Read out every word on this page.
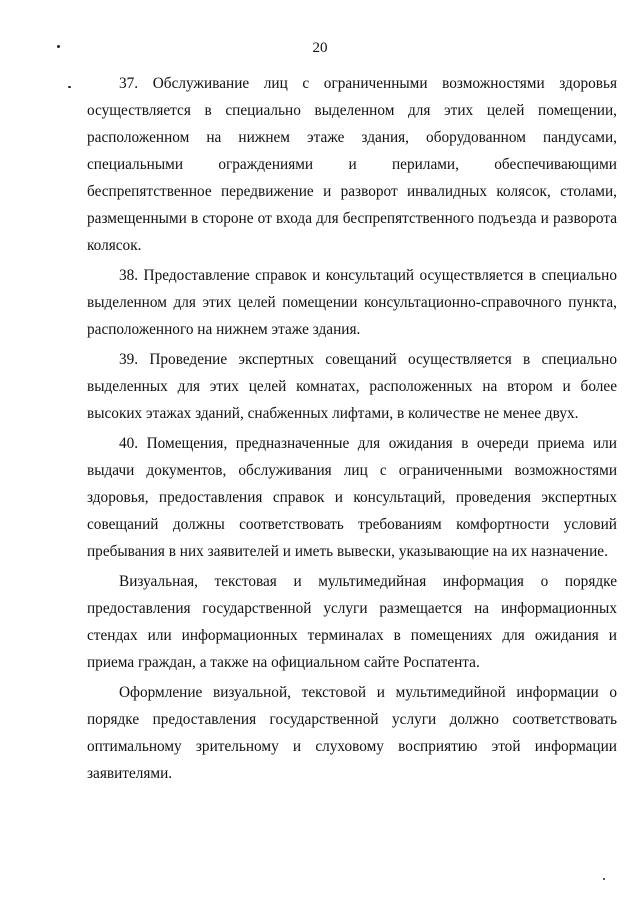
20

37. Обслуживание лиц с ограниченными возможностями здоровья осуществляется в специально выделенном для этих целей помещении, расположенном на нижнем этаже здания, оборудованном пандусами, специальными ограждениями и перилами, обеспечивающими беспрепятственное передвижение и разворот инвалидных колясок, столами, размещенными в стороне от входа для беспрепятственного подъезда и разворота колясок.

38. Предоставление справок и консультаций осуществляется в специально выделенном для этих целей помещении консультационно-справочного пункта, расположенного на нижнем этаже здания.

39. Проведение экспертных совещаний осуществляется в специально выделенных для этих целей комнатах, расположенных на втором и более высоких этажах зданий, снабженных лифтами, в количестве не менее двух.

40. Помещения, предназначенные для ожидания в очереди приема или выдачи документов, обслуживания лиц с ограниченными возможностями здоровья, предоставления справок и консультаций, проведения экспертных совещаний должны соответствовать требованиям комфортности условий пребывания в них заявителей и иметь вывески, указывающие на их назначение.

Визуальная, текстовая и мультимедийная информация о порядке предоставления государственной услуги размещается на информационных стендах или информационных терминалах в помещениях для ожидания и приема граждан, а также на официальном сайте Роспатента.

Оформление визуальной, текстовой и мультимедийной информации о порядке предоставления государственной услуги должно соответствовать оптимальному зрительному и слуховому восприятию этой информации заявителями.
